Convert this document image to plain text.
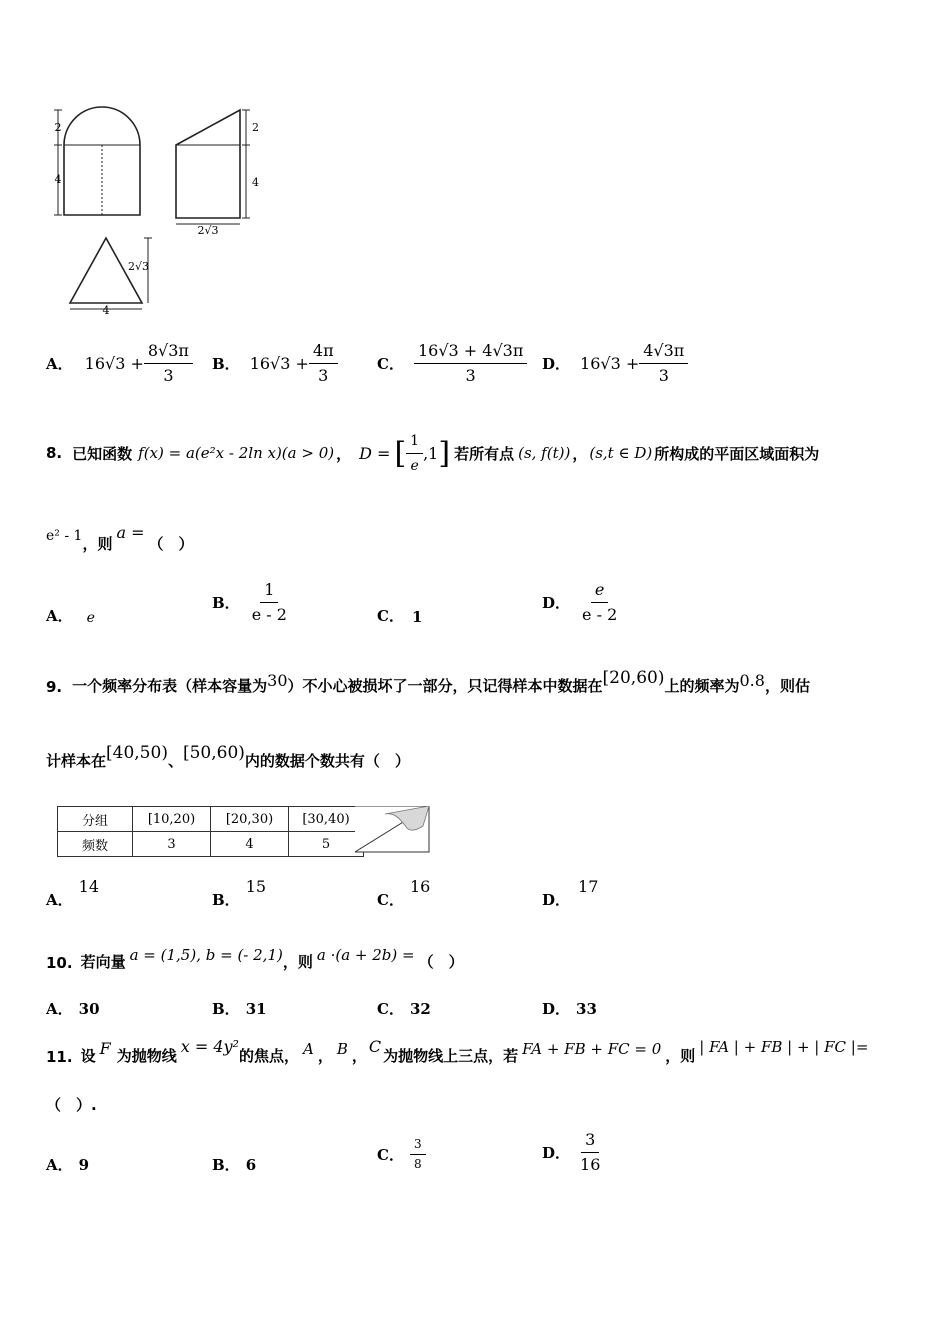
2
4
2
4
2√3
2√3
4
A． $16√3 + \frac{8√3\pi}{3}$ B． $16√3 + \frac{4\pi}{3}$	C． $\frac{16√3 + 4√3\pi}{3}$ D． $16√3 + \frac{4√3\pi}{3}$
8. 已知函数 f(x) = a(e²x - 2ln x)(a > 0) ， D = [ $\frac{1}{e} ,1$ ] 若所有点 (s, f(t)) ， (s,t ∈ D) 所构成的平面区域面积为
e² - 1 ，则
a =
（　）
A． e
B． $\frac{1}{e - 2}$	C． 1
D． $\frac{e}{e - 2}$
9. 一个频率分布表（样本容量为 30 ）不小心被损坏了一部分，只记得样本中数据在 [20,60) 上的频率为 0.8 ，则估
计样本在 [40,50) 、 [50,60) 内的数据个数共有（　）
分组	[10,20)	[20,30)	[30,40)
频数	3	4	5
A．
14
B．
15
C．
16
D．
17
10. 若向量 a = (1,5), b = (- 2,1) ，则 a ·(a + 2b) = （　）
A． 30	B． 31	C． 32	D． 33
11. 设 F 为抛物线 x = 4y² 的焦点， A ， B ， C 为抛物线上三点，若 FA + FB + FC = 0 ，则 | FA | + FB | + | FC |=
（　）.
A． 9	B． 6
C． $\frac{3}{8}$	D． $\frac{3}{16}$
